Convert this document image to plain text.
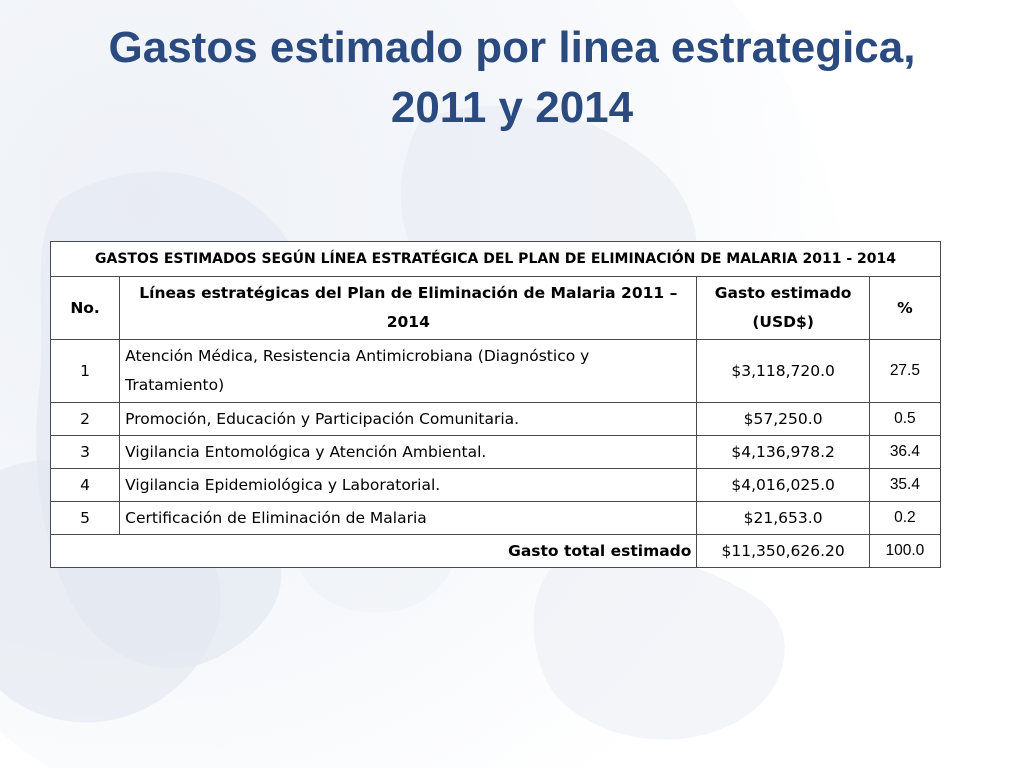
Gastos estimado por linea estrategica,
2011 y 2014
GASTOS ESTIMADOS SEGÚN LÍNEA ESTRATÉGICA DEL PLAN DE ELIMINACIÓN DE MALARIA 2011 - 2014			
No.	Líneas estratégicas del Plan de Eliminación de Malaria 2011 – 2014	Gasto estimado (USD$)	%
1	Atención Médica, Resistencia Antimicrobiana (Diagnóstico y Tratamiento)	$3,118,720.0	27.5
2	Promoción, Educación y Participación Comunitaria.	$57,250.0	0.5
3	Vigilancia Entomológica y Atención Ambiental.	$4,136,978.2	36.4
4	Vigilancia Epidemiológica y Laboratorial.	$4,016,025.0	35.4
5	Certificación de Eliminación de Malaria	$21,653.0	0.2
Gasto total estimado		$11,350,626.20	100.0
